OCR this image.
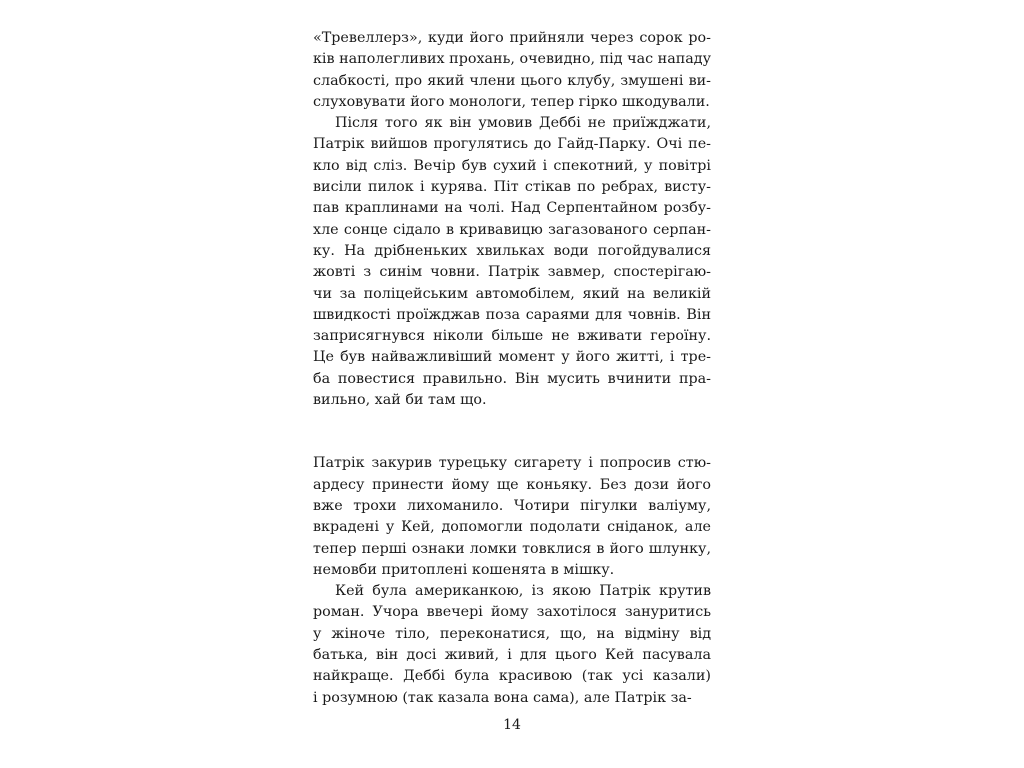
«Тревеллерз», куди його прийняли через сорок ро-
ків наполегливих прохань, очевидно, під час нападу
слабкості, про який члени цього клубу, змушені ви-
слуховувати його монологи, тепер гірко шкодували.
Після того як він умовив Деббі не приїжджати,
Патрік вийшов прогулятись до Гайд-Парку. Очі пе-
кло від сліз. Вечір був сухий і спекотний, у повітрі
висіли пилок і курява. Піт стікав по ребрах, висту-
пав краплинами на чолі. Над Серпентайном розбу-
хле сонце сідало в кривавицю загазованого серпан-
ку. На дрібненьких хвильках води погойдувалися
жовті з синім човни. Патрік завмер, спостерігаю-
чи за поліцейським автомобілем, який на великій
швидкості проїжджав поза сараями для човнів. Він
заприсягнувся ніколи більше не вживати героїну.
Це був найважливіший момент у його житті, і тре-
ба повестися правильно. Він мусить вчинити пра-
вильно, хай би там що.
Патрік закурив турецьку сигарету і попросив стю-
ардесу принести йому ще коньяку. Без дози його
вже трохи лихоманило. Чотири пігулки валіуму,
вкрадені у Кей, допомогли подолати сніданок, але
тепер перші ознаки ломки товклися в його шлунку,
немовби притоплені кошенята в мішку.
Кей була американкою, із якою Патрік крутив
роман. Учора ввечері йому захотілося зануритись
у жіноче тіло, переконатися, що, на відміну від
батька, він досі живий, і для цього Кей пасувала
найкраще. Деббі була красивою (так усі казали)
і розумною (так казала вона сама), але Патрік за-
14
